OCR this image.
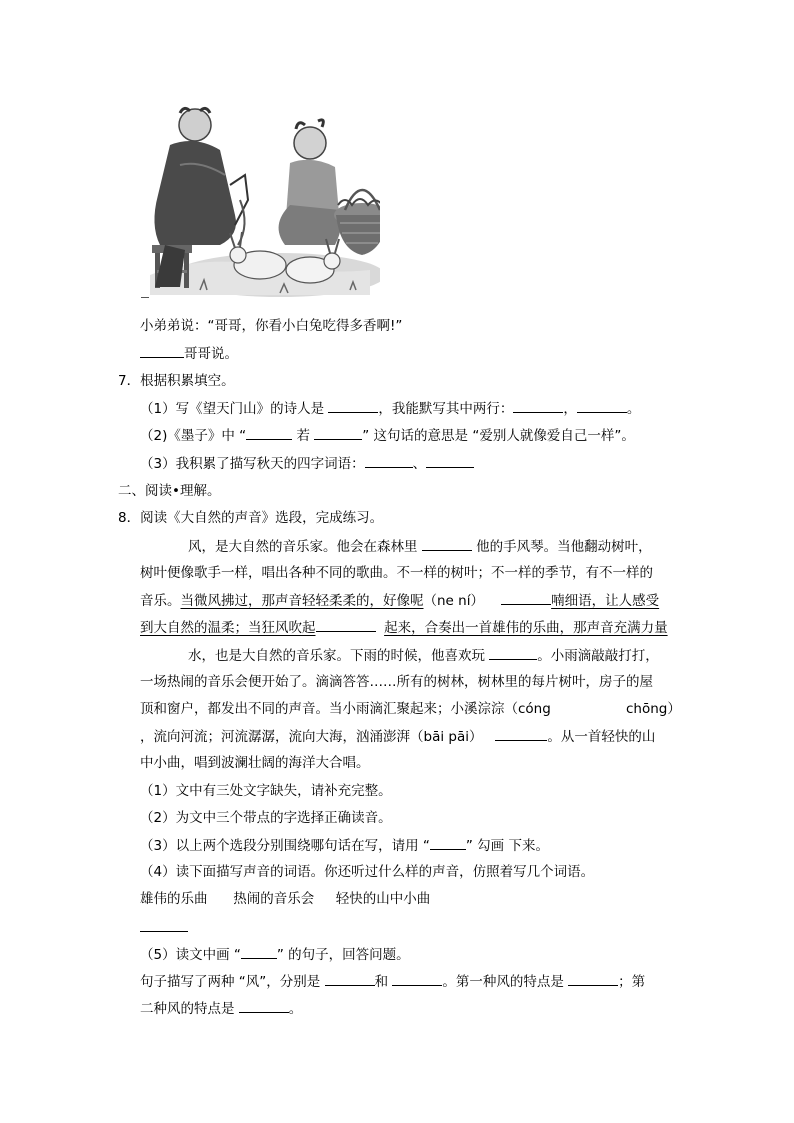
小弟弟说：“哥哥，你看小白兔吃得多香啊!”
哥哥说。
7．根据积累填空。
（1）写《望天门山》的诗人是	，我能默写其中两行：	，	。
（2)《墨子》中 “	若	” 这句话的意思是 “爱别人就像爱自己一样”。
（3）我积累了描写秋天的四字词语：	、
二、阅读•理解。
8．阅读《大自然的声音》选段，完成练习。
风，是大自然的音乐家。他会在森林里	他的手风琴。当他翻动树叶，
树叶便像歌手一样，唱出各种不同的歌曲。不一样的树叶；不一样的季节，有不一样的
音乐。当微风拂过，那声音轻轻柔柔的，好像呢（ne ní）	喃细语，让人感受
到大自然的温柔；当狂风吹起	起来，合奏出一首雄伟的乐曲，那声音充满力量
水，也是大自然的音乐家。下雨的时候，他喜欢玩	。小雨滴敲敲打打，
一场热闹的音乐会便开始了。滴滴答答……所有的树林，树林里的每片树叶，房子的屋
顶和窗户，都发出不同的声音。当小雨滴汇聚起来；小溪淙淙（cóng	chōng）
，流向河流；河流潺潺，流向大海，汹涌澎湃（bāi pāi）	。从一首轻快的山
中小曲，唱到波澜壮阔的海洋大合唱。
（1）文中有三处文字缺失，请补充完整。
（2）为文中三个带点的字选择正确读音。
（3）以上两个选段分别围绕哪句话在写，请用 “	” 勾画 下来。
（4）读下面描写声音的词语。你还听过什么样的声音，仿照着写几个词语。
雄伟的乐曲 热闹的音乐会 轻快的山中小曲
（5）读文中画 “	” 的句子，回答问题。
句子描写了两种 “风”，分别是	和	。第一种风的特点是	；第
二种风的特点是	。
